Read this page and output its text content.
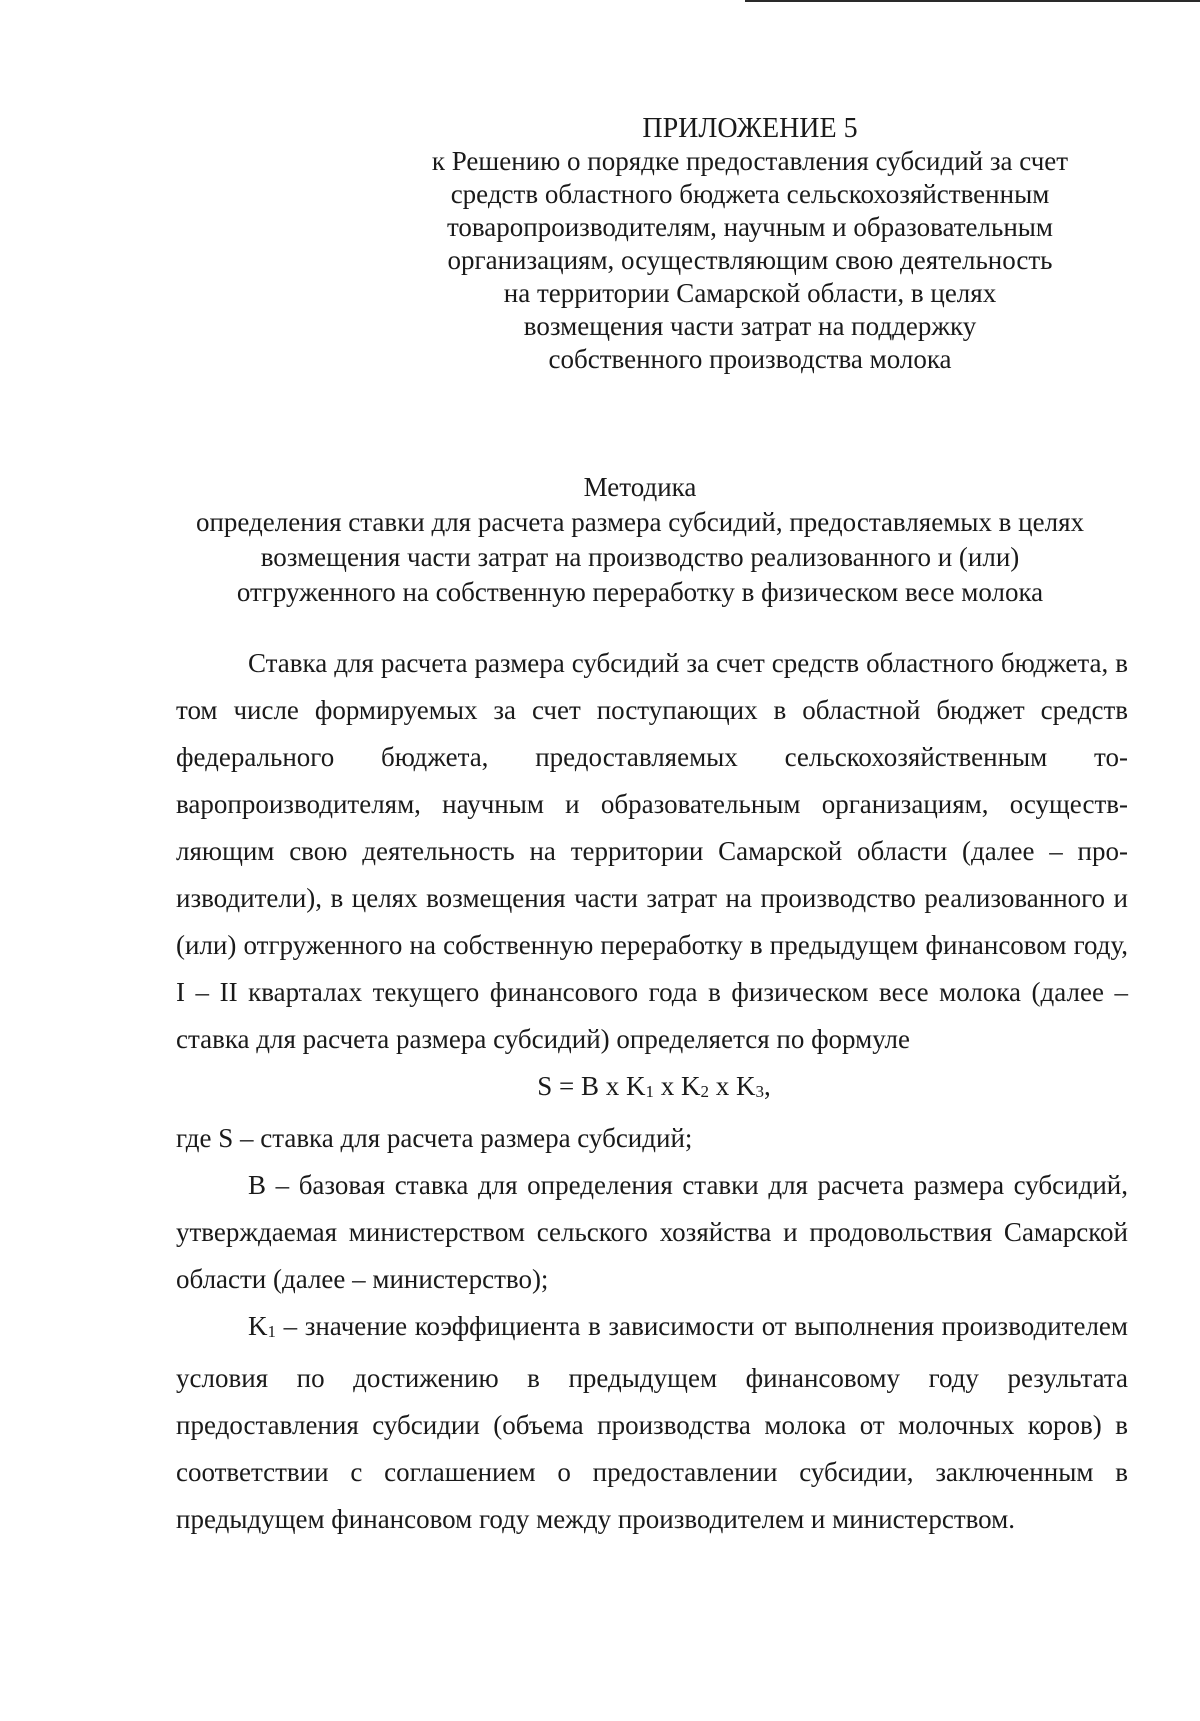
ПРИЛОЖЕНИЕ 5
к Решению о порядке предоставления субсидий за счет
средств областного бюджета сельскохозяйственным
товаропроизводителям, научным и образовательным
организациям, осуществляющим свою деятельность
на территории Самарской области, в целях
возмещения части затрат на поддержку
собственного производства молока
Методика
определения ставки для расчета размера субсидий, предоставляемых в целях
возмещения части затрат на производство реализованного и (или)
отгруженного на собственную переработку в физическом весе молока

Ставка для расчета размера субсидий за счет средств областного бюджета, в том числе формируемых за счет поступающих в областной бюджет средств федерального бюджета, предоставляемых сельскохозяйственным товаропроизводителям, научным и образовательным организациям, осуществляющим свою деятельность на территории Самарской области (далее – производители), в целях возмещения части затрат на производство реализованного и (или) отгруженного на собственную переработку в предыдущем финансовом году, I – II кварталах текущего финансового года в физическом весе молока (далее – ставка для расчета размера субсидий) определяется по формуле

S = B x $K_1$ x $K_2$ x $K_3$,

где S – ставка для расчета размера субсидий;

B – базовая ставка для определения ставки для расчета размера субсидий, утверждаемая министерством сельского хозяйства и продовольствия Самарской области (далее – министерство);

K1 – значение коэффициента в зависимости от выполнения производителем условия по достижению в предыдущем финансовому году результата предоставления субсидии (объема производства молока от молочных коров) в соответствии с соглашением о предоставлении субсидии, заключенным в предыдущем финансовом году между производителем и министерством.
